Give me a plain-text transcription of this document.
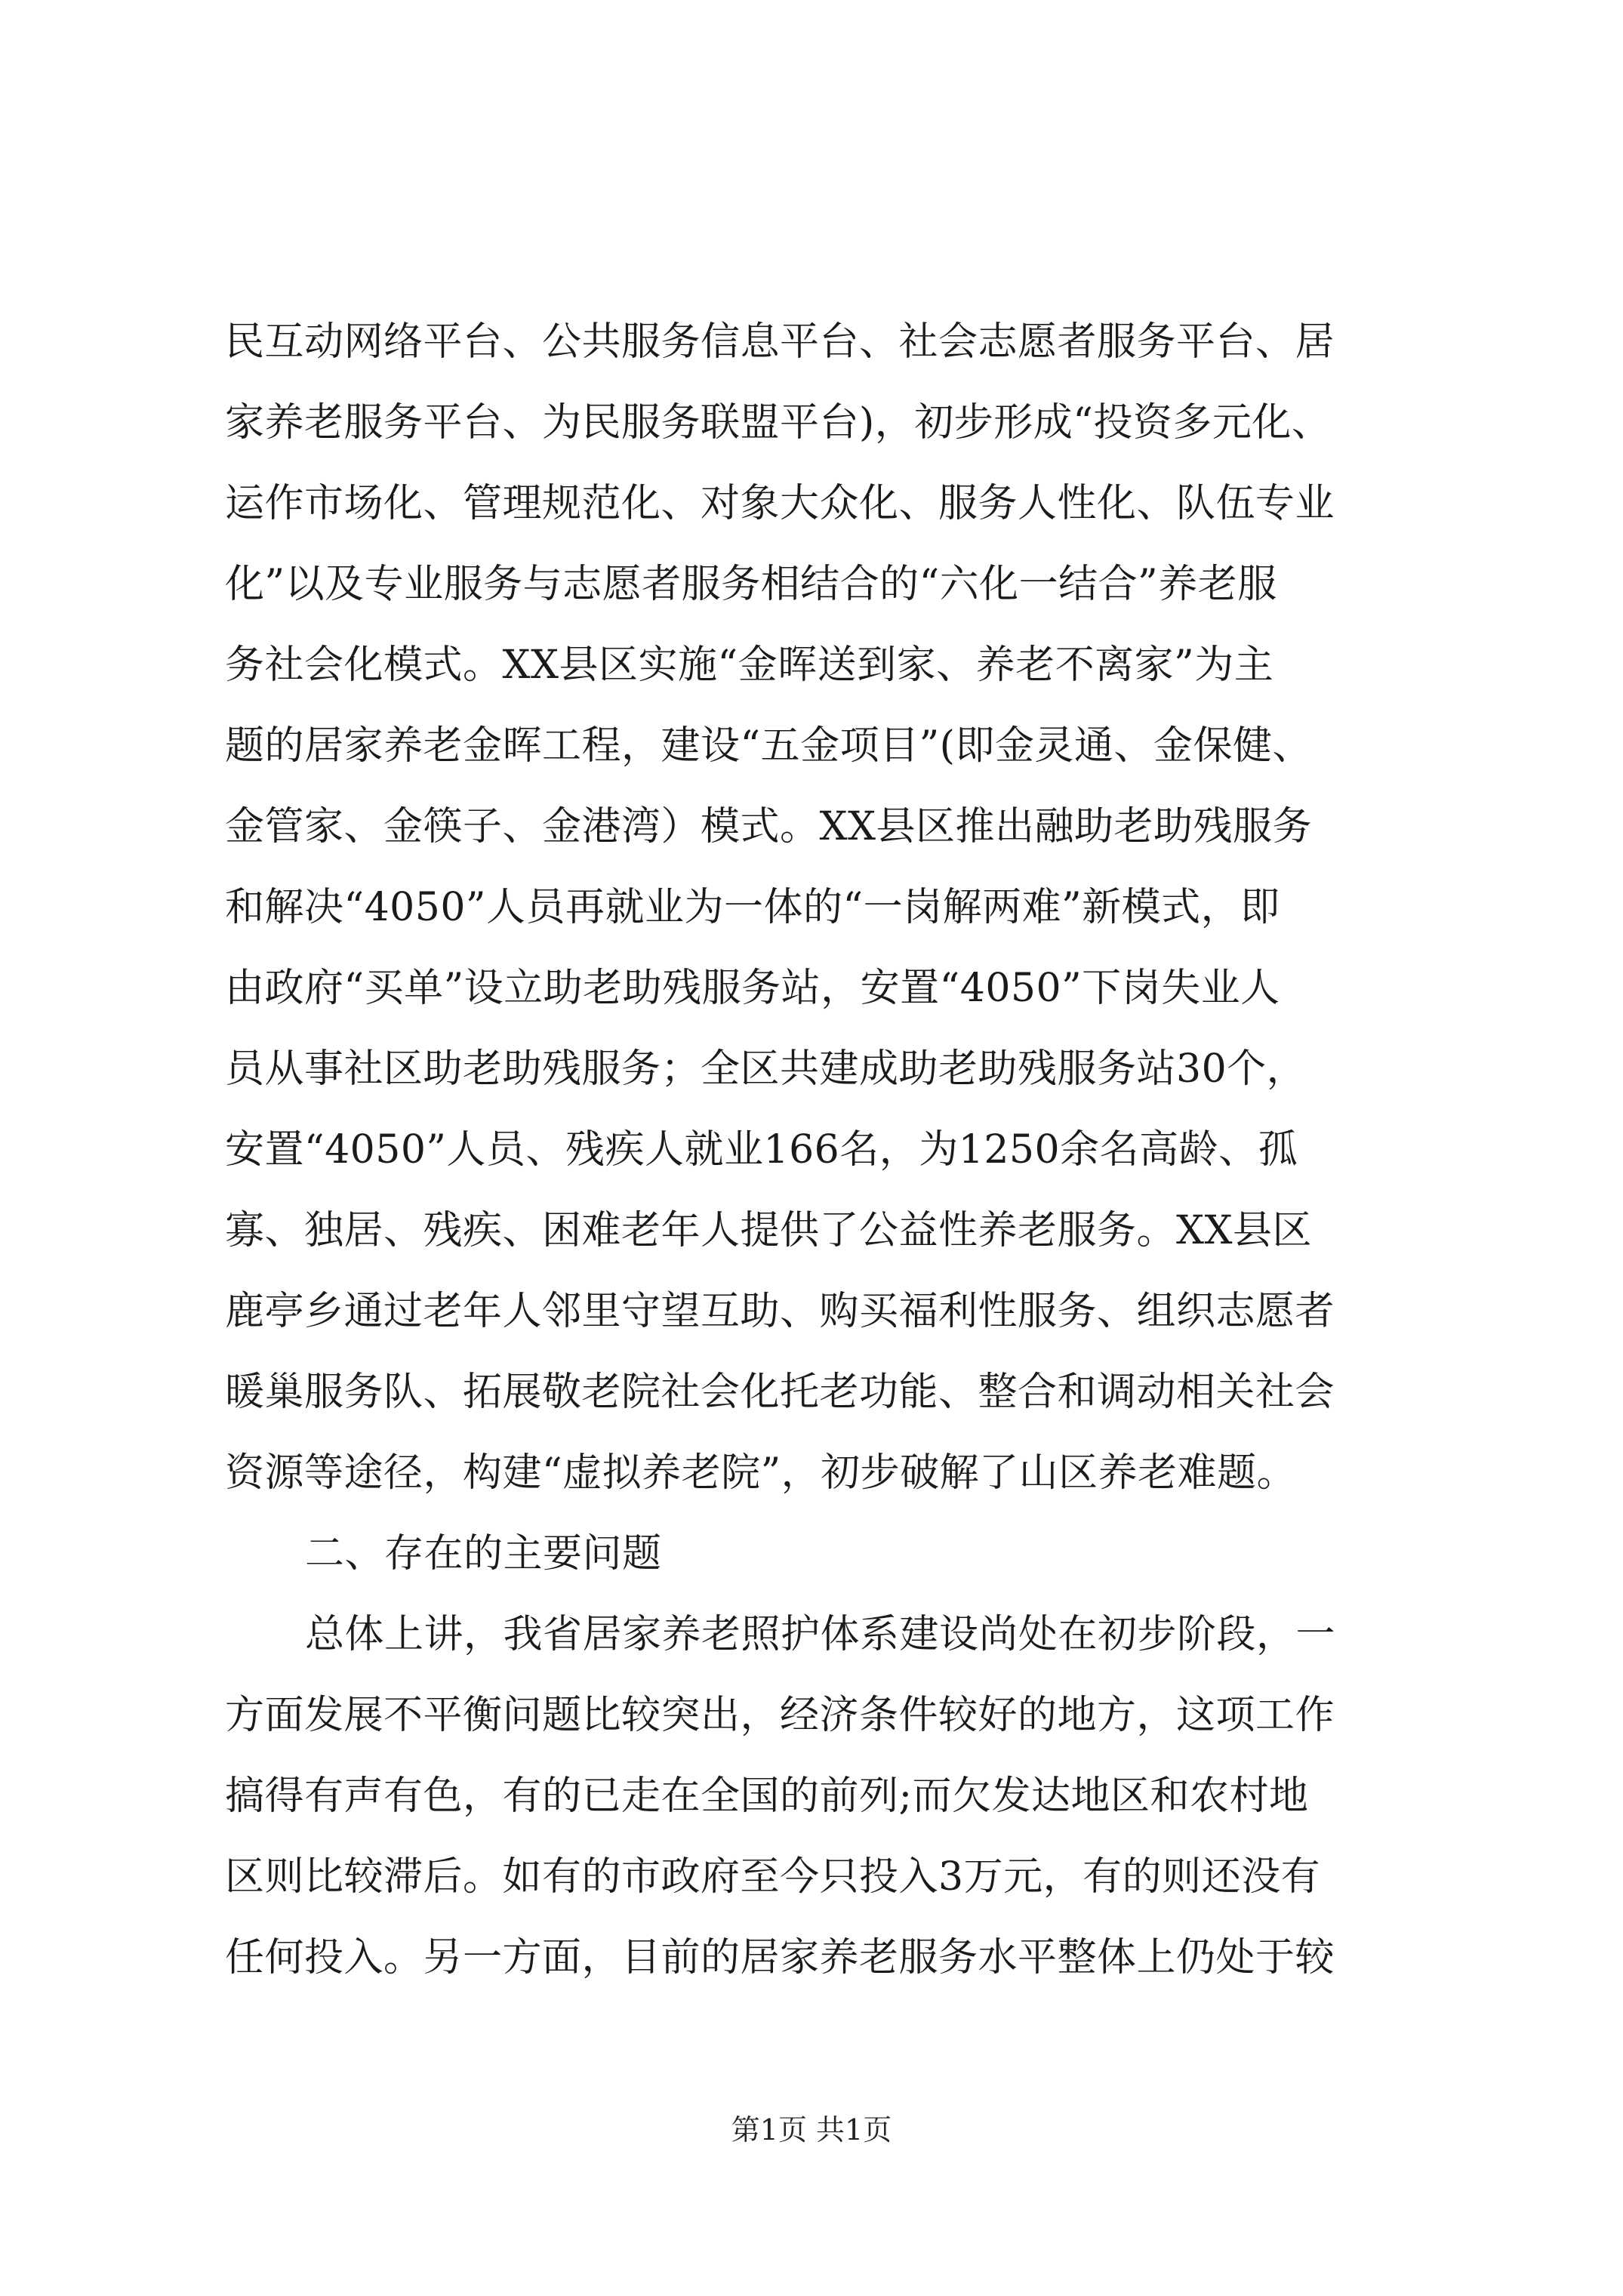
民互动网络平台、公共服务信息平台、社会志愿者服务平台、居
家养老服务平台、为民服务联盟平台)，初步形成“投资多元化、
运作市场化、管理规范化、对象大众化、服务人性化、队伍专业
化”以及专业服务与志愿者服务相结合的“六化一结合”养老服
务社会化模式。XX县区实施“金晖送到家、养老不离家”为主
题的居家养老金晖工程，建设“五金项目”(即金灵通、金保健、
金管家、金筷子、金港湾）模式。XX县区推出融助老助残服务
和解决“4050”人员再就业为一体的“一岗解两难”新模式，即
由政府“买单”设立助老助残服务站，安置“4050”下岗失业人
员从事社区助老助残服务；全区共建成助老助残服务站30个，
安置“4050”人员、残疾人就业166名，为1250余名高龄、孤
寡、独居、残疾、困难老年人提供了公益性养老服务。XX县区
鹿亭乡通过老年人邻里守望互助、购买福利性服务、组织志愿者
暖巢服务队、拓展敬老院社会化托老功能、整合和调动相关社会
资源等途径，构建“虚拟养老院”，初步破解了山区养老难题。
二、存在的主要问题
总体上讲，我省居家养老照护体系建设尚处在初步阶段，一
方面发展不平衡问题比较突出，经济条件较好的地方，这项工作
搞得有声有色，有的已走在全国的前列;而欠发达地区和农村地
区则比较滞后。如有的市政府至今只投入3万元，有的则还没有
任何投入。另一方面，目前的居家养老服务水平整体上仍处于较
第1页 共1页
